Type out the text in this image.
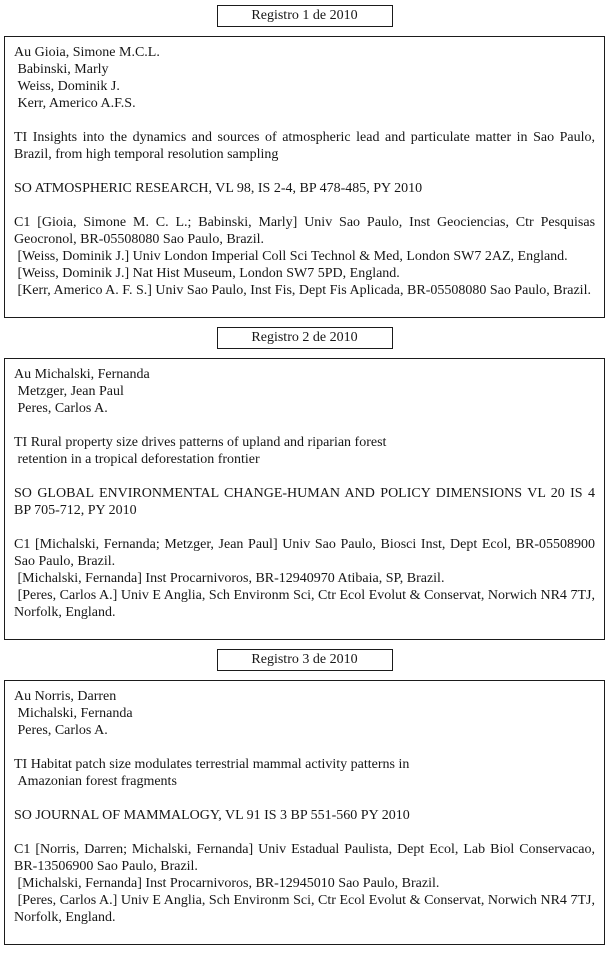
Registro 1 de 2010

Au Gioia, Simone M.C.L.
Babinski, Marly
Weiss, Dominik J.
Kerr, Americo A.F.S.

TI Insights into the dynamics and sources of atmospheric lead and particulate matter in Sao Paulo, Brazil, from high temporal resolution sampling

SO ATMOSPHERIC RESEARCH, VL 98, IS 2-4, BP 478-485, PY 2010

C1 [Gioia, Simone M. C. L.; Babinski, Marly] Univ Sao Paulo, Inst Geociencias, Ctr Pesquisas Geocronol, BR-05508080 Sao Paulo, Brazil.
[Weiss, Dominik J.] Univ London Imperial Coll Sci Technol & Med, London SW7 2AZ, England.
[Weiss, Dominik J.] Nat Hist Museum, London SW7 5PD, England.
[Kerr, Americo A. F. S.] Univ Sao Paulo, Inst Fis, Dept Fis Aplicada, BR-05508080 Sao Paulo, Brazil.

Registro 2 de 2010

Au Michalski, Fernanda
Metzger, Jean Paul
Peres, Carlos A.

TI Rural property size drives patterns of upland and riparian forest
retention in a tropical deforestation frontier

SO GLOBAL ENVIRONMENTAL CHANGE-HUMAN AND POLICY DIMENSIONS VL 20 IS 4 BP 705-712, PY 2010

C1 [Michalski, Fernanda; Metzger, Jean Paul] Univ Sao Paulo, Biosci Inst, Dept Ecol, BR-05508900 Sao Paulo, Brazil.
[Michalski, Fernanda] Inst Procarnivoros, BR-12940970 Atibaia, SP, Brazil.
[Peres, Carlos A.] Univ E Anglia, Sch Environm Sci, Ctr Ecol Evolut & Conservat, Norwich NR4 7TJ, Norfolk, England.

Registro 3 de 2010

Au Norris, Darren
Michalski, Fernanda
Peres, Carlos A.

TI Habitat patch size modulates terrestrial mammal activity patterns in
Amazonian forest fragments

SO JOURNAL OF MAMMALOGY, VL 91 IS 3 BP 551-560 PY 2010

C1 [Norris, Darren; Michalski, Fernanda] Univ Estadual Paulista, Dept Ecol, Lab Biol Conservacao, BR-13506900 Sao Paulo, Brazil.
[Michalski, Fernanda] Inst Procarnivoros, BR-12945010 Sao Paulo, Brazil.
[Peres, Carlos A.] Univ E Anglia, Sch Environm Sci, Ctr Ecol Evolut & Conservat, Norwich NR4 7TJ, Norfolk, England.
